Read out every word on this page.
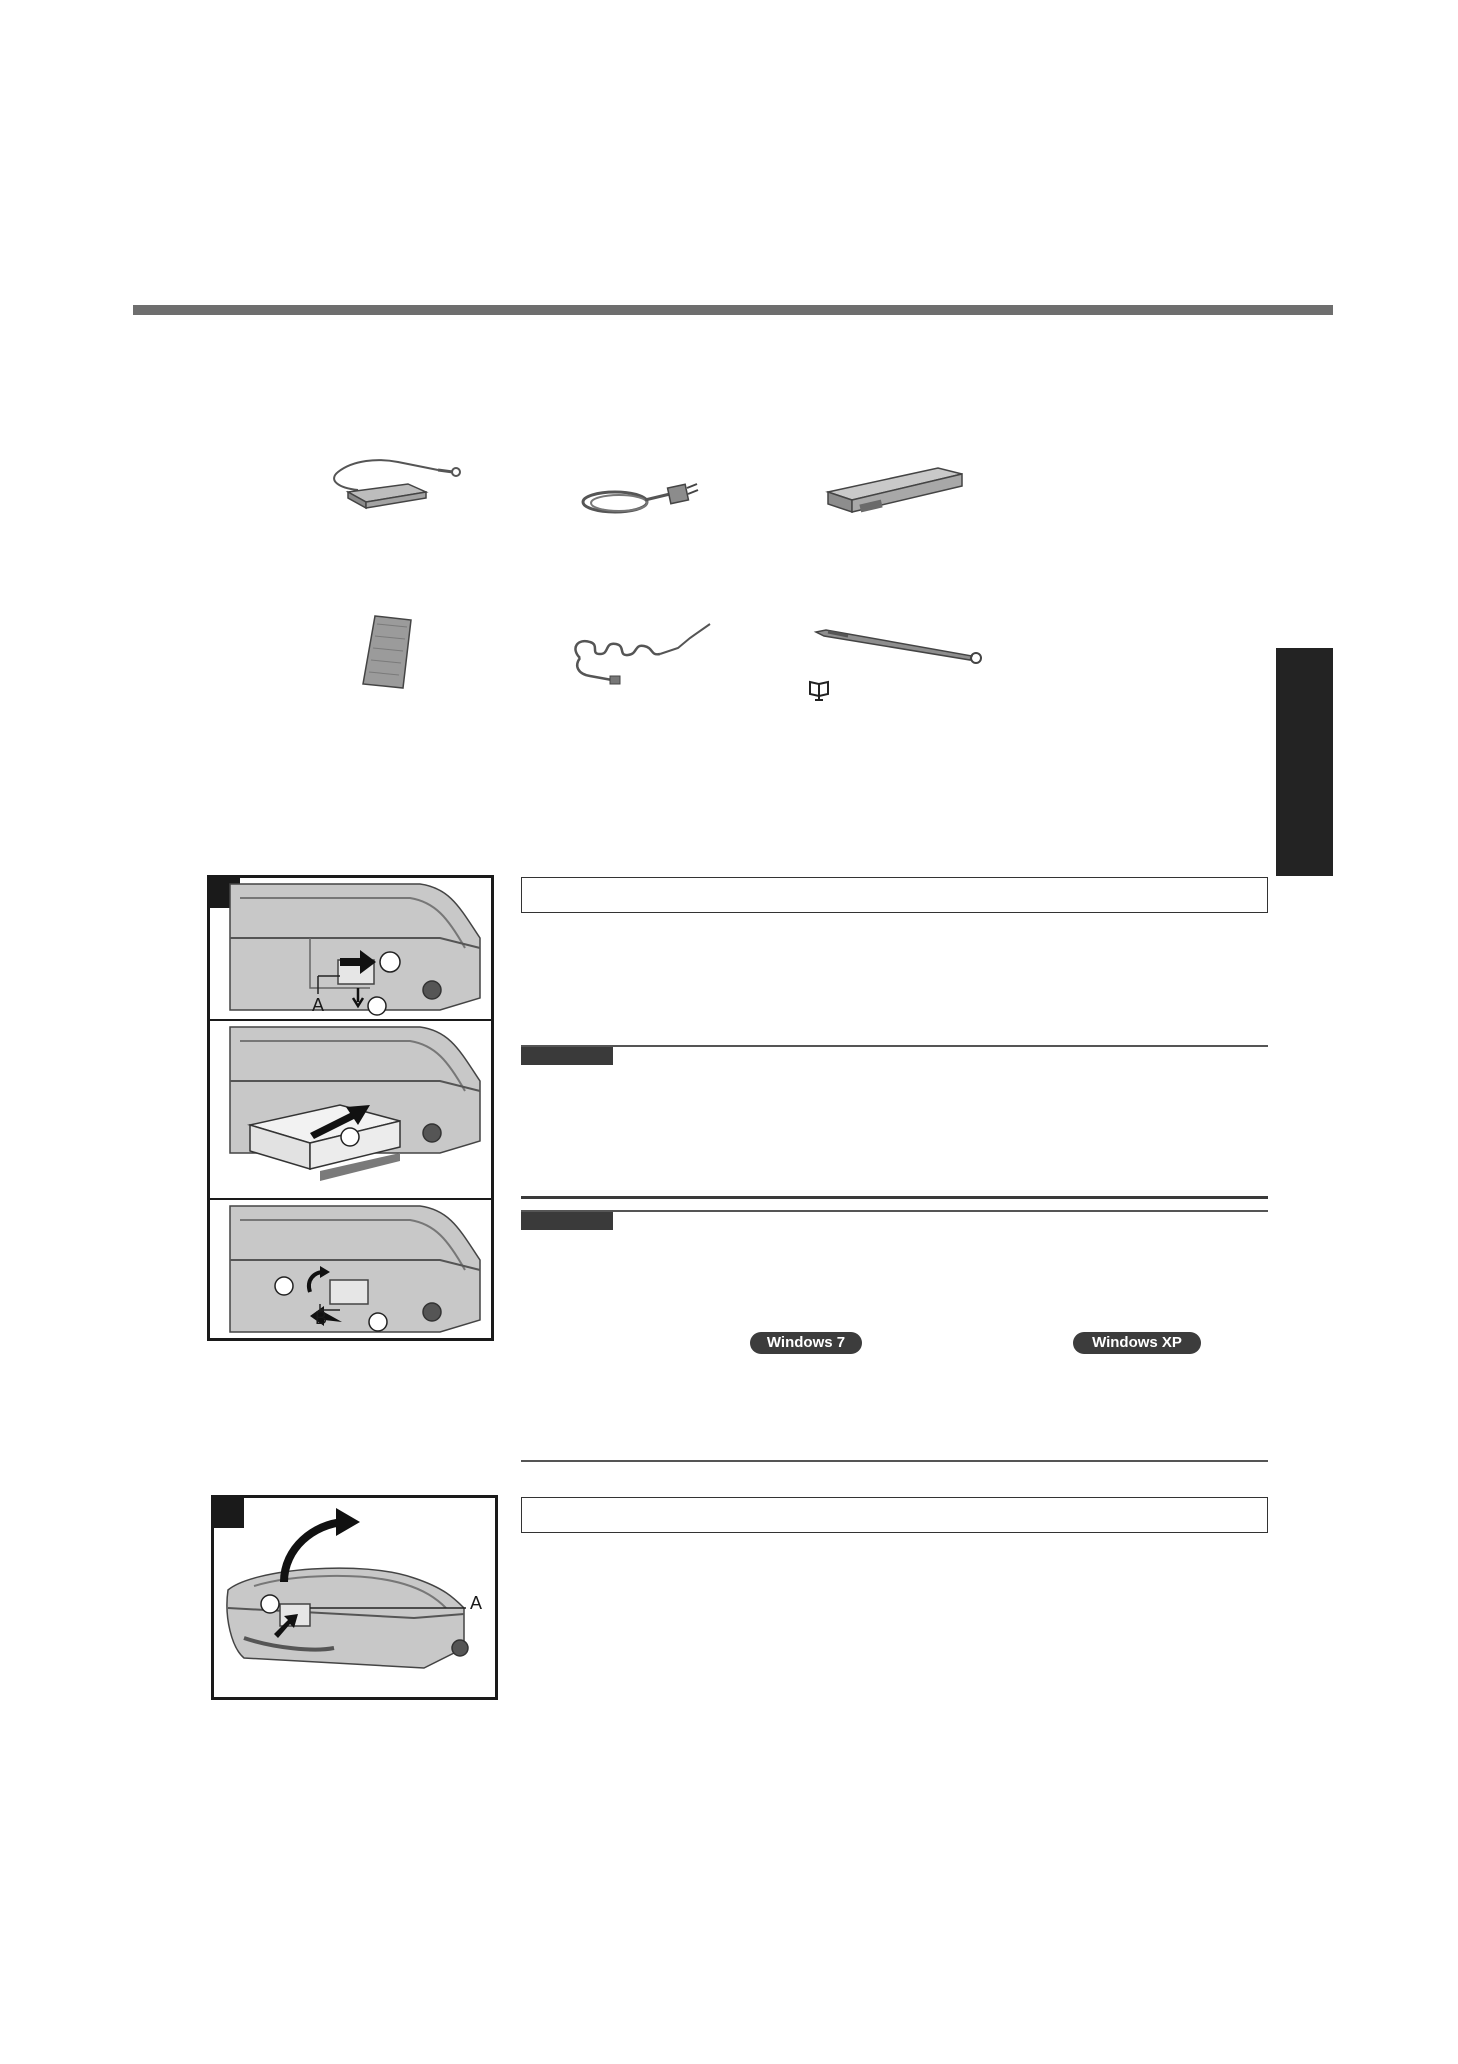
A
B
Windows 7	Windows XP
A
